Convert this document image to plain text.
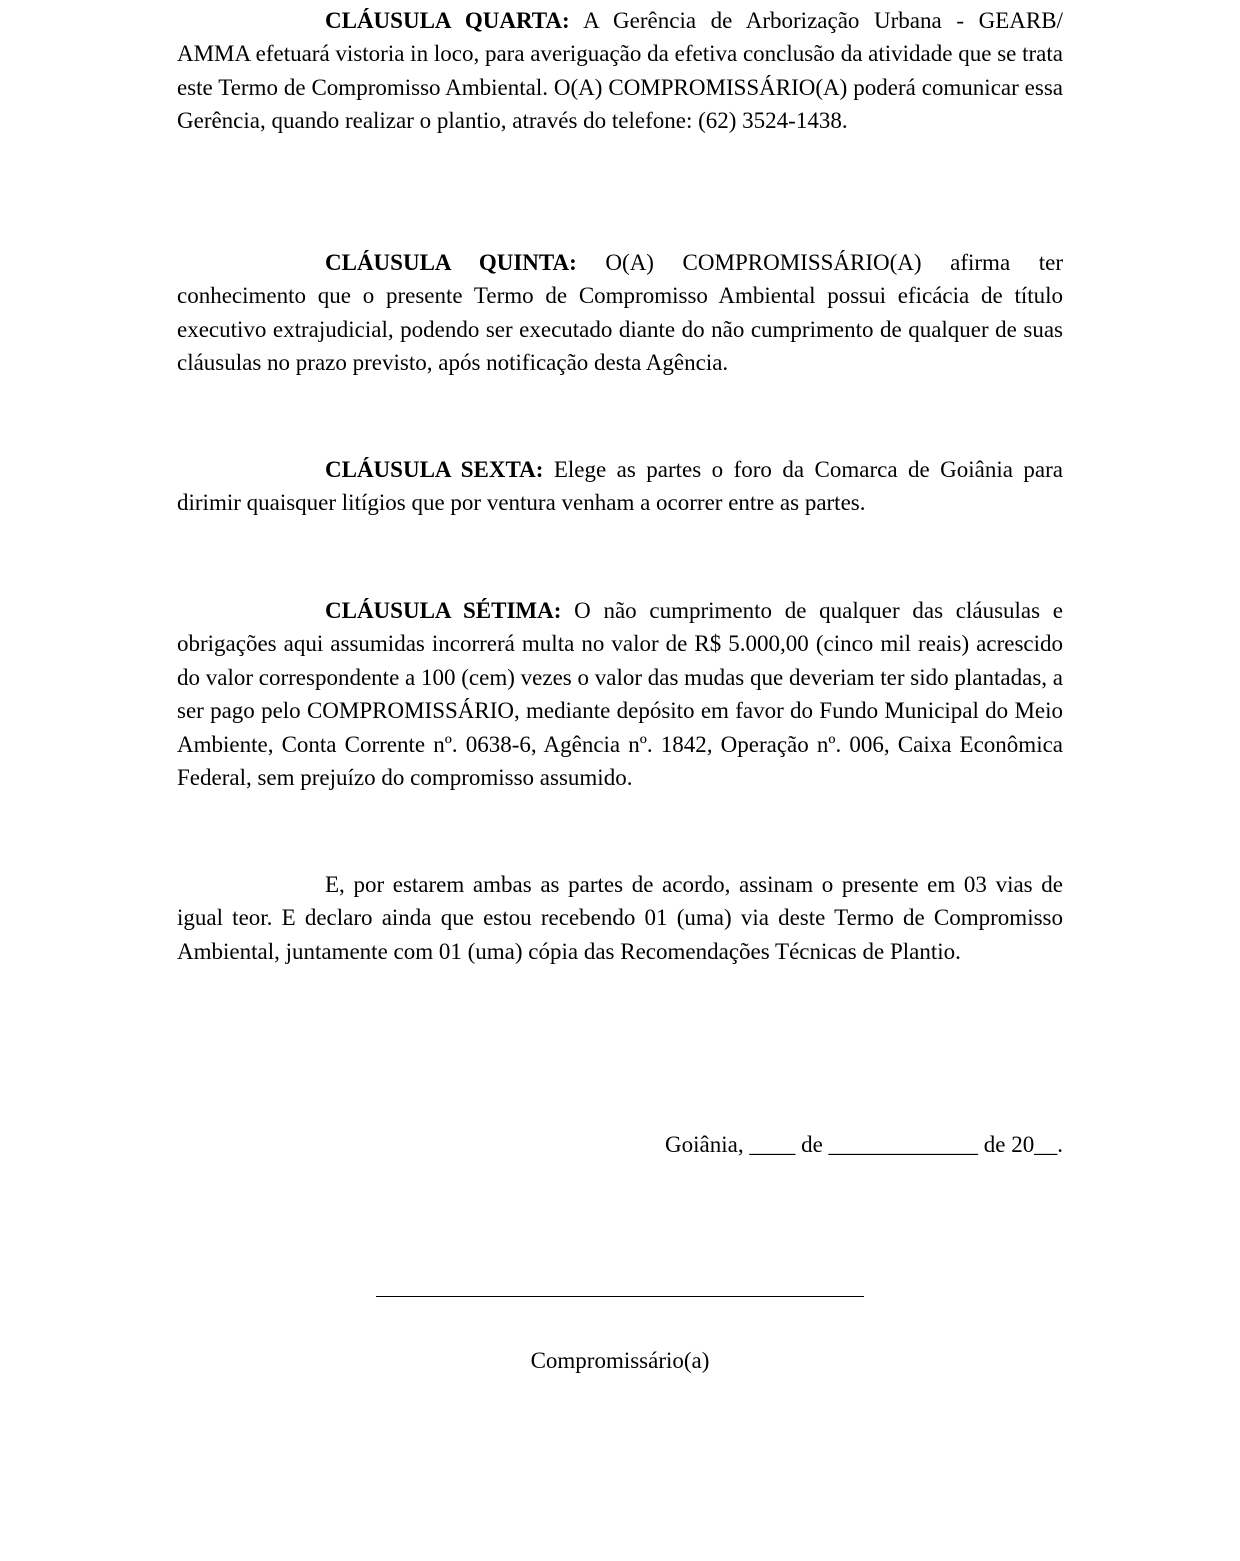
CLÁUSULA QUARTA: A Gerência de Arborização Urbana - GEARB/ AMMA efetuará vistoria in loco, para averiguação da efetiva conclusão da atividade que se trata este Termo de Compromisso Ambiental. O(A) COMPROMISSÁRIO(A) poderá comunicar essa Gerência, quando realizar o plantio, através do telefone: (62) 3524-1438.

CLÁUSULA QUINTA: O(A) COMPROMISSÁRIO(A) afirma ter conhecimento que o presente Termo de Compromisso Ambiental possui eficácia de título executivo extrajudicial, podendo ser executado diante do não cumprimento de qualquer de suas cláusulas no prazo previsto, após notificação desta Agência.

CLÁUSULA SEXTA: Elege as partes o foro da Comarca de Goiânia para dirimir quaisquer litígios que por ventura venham a ocorrer entre as partes.

CLÁUSULA SÉTIMA: O não cumprimento de qualquer das cláusulas e obrigações aqui assumidas incorrerá multa no valor de R$ 5.000,00 (cinco mil reais) acrescido do valor correspondente a 100 (cem) vezes o valor das mudas que deveriam ter sido plantadas, a ser pago pelo COMPROMISSÁRIO, mediante depósito em favor do Fundo Municipal do Meio Ambiente, Conta Corrente nº. 0638-6, Agência nº. 1842, Operação nº. 006, Caixa Econômica Federal, sem prejuízo do compromisso assumido.

E, por estarem ambas as partes de acordo, assinam o presente em 03 vias de igual teor. E declaro ainda que estou recebendo 01 (uma) via deste Termo de Compromisso Ambiental, juntamente com 01 (uma) cópia das Recomendações Técnicas de Plantio.

Goiânia, ____ de _____________ de 20__.
Compromissário(a)
